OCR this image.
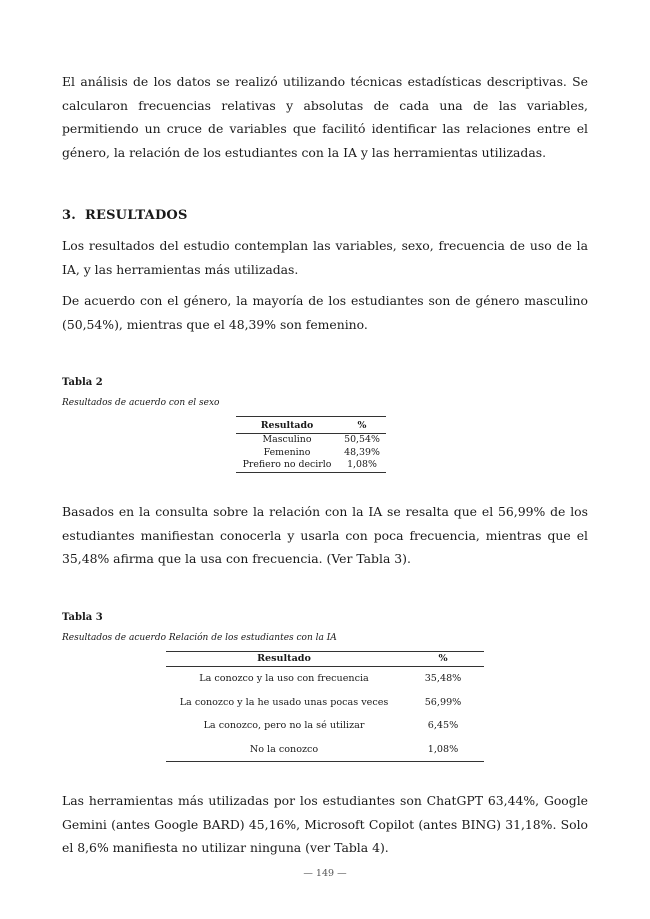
El análisis de los datos se realizó utilizando técnicas estadísticas descriptivas. Se calcularon frecuencias relativas y absolutas de cada una de las variables, permitiendo un cruce de variables que facilitó identificar las relaciones entre el género, la relación de los estudiantes con la IA y las herramientas utilizadas.

3. RESULTADOS

Los resultados del estudio contemplan las variables, sexo, frecuencia de uso de la IA, y las herramientas más utilizadas.

De acuerdo con el género, la mayoría de los estudiantes son de género masculino (50,54%), mientras que el 48,39% son femenino.

Tabla 2

Resultados de acuerdo con el sexo

Resultado	%
Masculino	50,54%
Femenino	48,39%
Prefiero no decirlo	1,08%

Basados en la consulta sobre la relación con la IA se resalta que el 56,99% de los estudiantes manifiestan conocerla y usarla con poca frecuencia, mientras que el 35,48% afirma que la usa con frecuencia. (Ver Tabla 3).

Tabla 3

Resultados de acuerdo Relación de los estudiantes con la IA

Resultado	%
La conozco y la uso con frecuencia	35,48%
La conozco y la he usado unas pocas veces	56,99%
La conozco, pero no la sé utilizar	6,45%
No la conozco	1,08%

Las herramientas más utilizadas por los estudiantes son ChatGPT 63,44%, Google Gemini (antes Google BARD) 45,16%, Microsoft Copilot (antes BING) 31,18%. Solo el 8,6% manifiesta no utilizar ninguna (ver Tabla 4).

— 149 —
